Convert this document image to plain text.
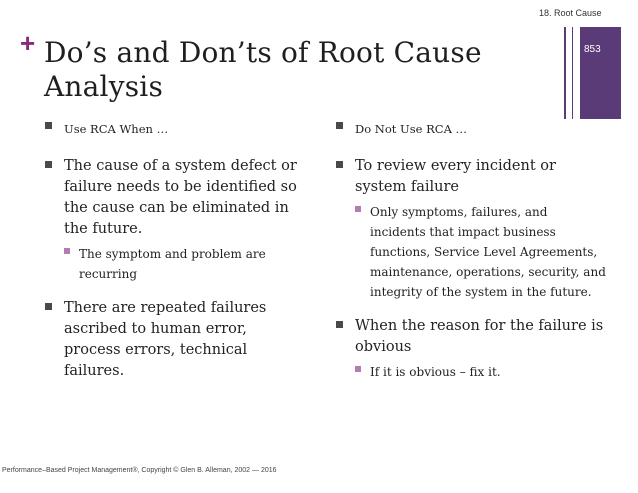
+ Do’s and Don’ts of Root Cause Analysis
18. Root Cause
853
Use RCA When …
The cause of a system defect or failure needs to be identified so the cause can be eliminated in the future.
The symptom and problem are recurring
There are repeated failures ascribed to human error, process errors, technical failures.
Do Not Use RCA …
To review every incident or system failure
Only symptoms, failures, and incidents that impact business functions, Service Level Agreements, maintenance, operations, security, and integrity of the system in the future.
When the reason for the failure is obvious
If it is obvious – fix it.
Performance–Based Project Management®, Copyright © Glen B. Alleman, 2002 — 2016
